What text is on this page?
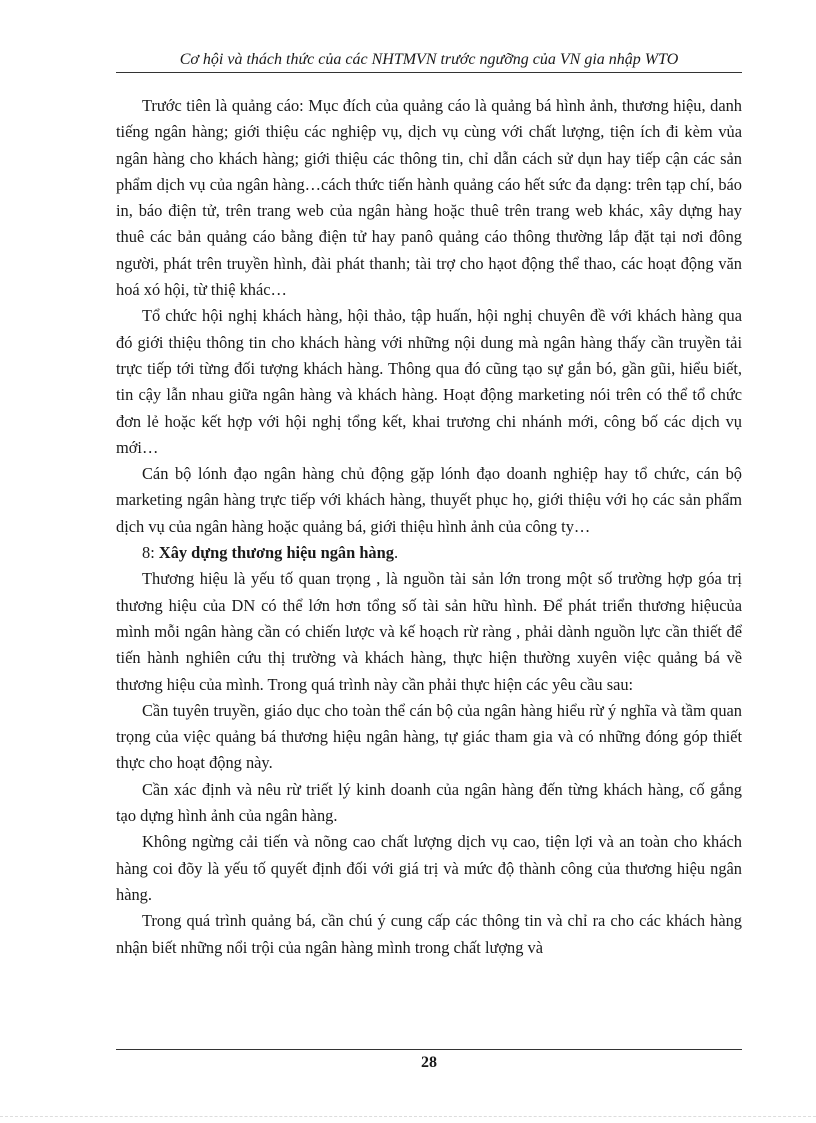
Cơ hội và thách thức của các NHTMVN trước ngưỡng của VN gia nhập WTO

Trước tiên là quảng cáo: Mục đích của quảng cáo là quảng bá hình ảnh, thương hiệu, danh tiếng ngân hàng; giới thiệu các nghiệp vụ, dịch vụ cùng với chất lượng, tiện ích đi kèm vủa ngân hàng cho khách hàng; giới thiệu các thông tin, chỉ dẫn cách sử dụn hay tiếp cận các sản phẩm dịch vụ của ngân hàng…cách thức tiến hành quảng cáo hết sức đa dạng: trên tạp chí, báo in, báo điện tử, trên trang web của ngân hàng hoặc thuê trên trang web khác, xây dựng hay thuê các bản quảng cáo bằng điện tử hay panô quảng cáo thông thường lắp đặt tại nơi đông người, phát trên truyền hình, đài phát thanh; tài trợ cho hạot động thể thao, các hoạt động văn hoá xó hội, từ thiệ khác…

Tổ chức hội nghị khách hàng, hội thảo, tập huấn, hội nghị chuyên đề với khách hàng qua đó giới thiệu thông tin cho khách hàng với những nội dung mà ngân hàng thấy cần truyền tải trực tiếp tới từng đối tượng khách hàng. Thông qua đó cũng tạo sự gắn bó, gần gũi, hiểu biết, tin cậy lẫn nhau giữa ngân hàng và khách hàng. Hoạt động marketing nói trên có thể tổ chức đơn lẻ hoặc kết hợp với hội nghị tổng kết, khai trương chi nhánh mới, công bố các dịch vụ mới…

Cán bộ lónh đạo ngân hàng chủ động gặp lónh đạo doanh nghiệp hay tổ chức, cán bộ marketing ngân hàng trực tiếp với khách hàng, thuyết phục họ, giới thiệu với họ các sản phẩm dịch vụ của ngân hàng hoặc quảng bá, giới thiệu hình ảnh của công ty…

8: Xây dựng thương hiệu ngân hàng.

Thương hiệu là yếu tố quan trọng , là nguồn tài sản lớn trong một số trường hợp góa trị thương hiệu của DN có thể lớn hơn tổng số tài sản hữu hình. Để phát triển thương hiệucủa mình mỗi ngân hàng cần có chiến lược và kế hoạch rừ ràng , phải dành nguồn lực cần thiết để tiến hành nghiên cứu thị trường và khách hàng, thực hiện thường xuyên việc quảng bá về thương hiệu của mình. Trong quá trình này cần phải thực hiện các yêu cầu sau:

Cần tuyên truyền, giáo dục cho toàn thể cán bộ của ngân hàng hiểu rừ ý nghĩa và tầm quan trọng của việc quảng bá thương hiệu ngân hàng, tự giác tham gia và có những đóng góp thiết thực cho hoạt động này.

Cần xác định và nêu rừ triết lý kinh doanh của ngân hàng đến từng khách hàng, cố gắng tạo dựng hình ảnh của ngân hàng.

Không ngừng cải tiến và nõng cao chất lượng dịch vụ cao, tiện lợi và an toàn cho khách hàng coi đõy là yếu tố quyết định đối với giá trị và mức độ thành công của thương hiệu ngân hàng.

Trong quá trình quảng bá, cần chú ý cung cấp các thông tin và chỉ ra cho các khách hàng nhận biết những nổi trội của ngân hàng mình trong chất lượng và

28
